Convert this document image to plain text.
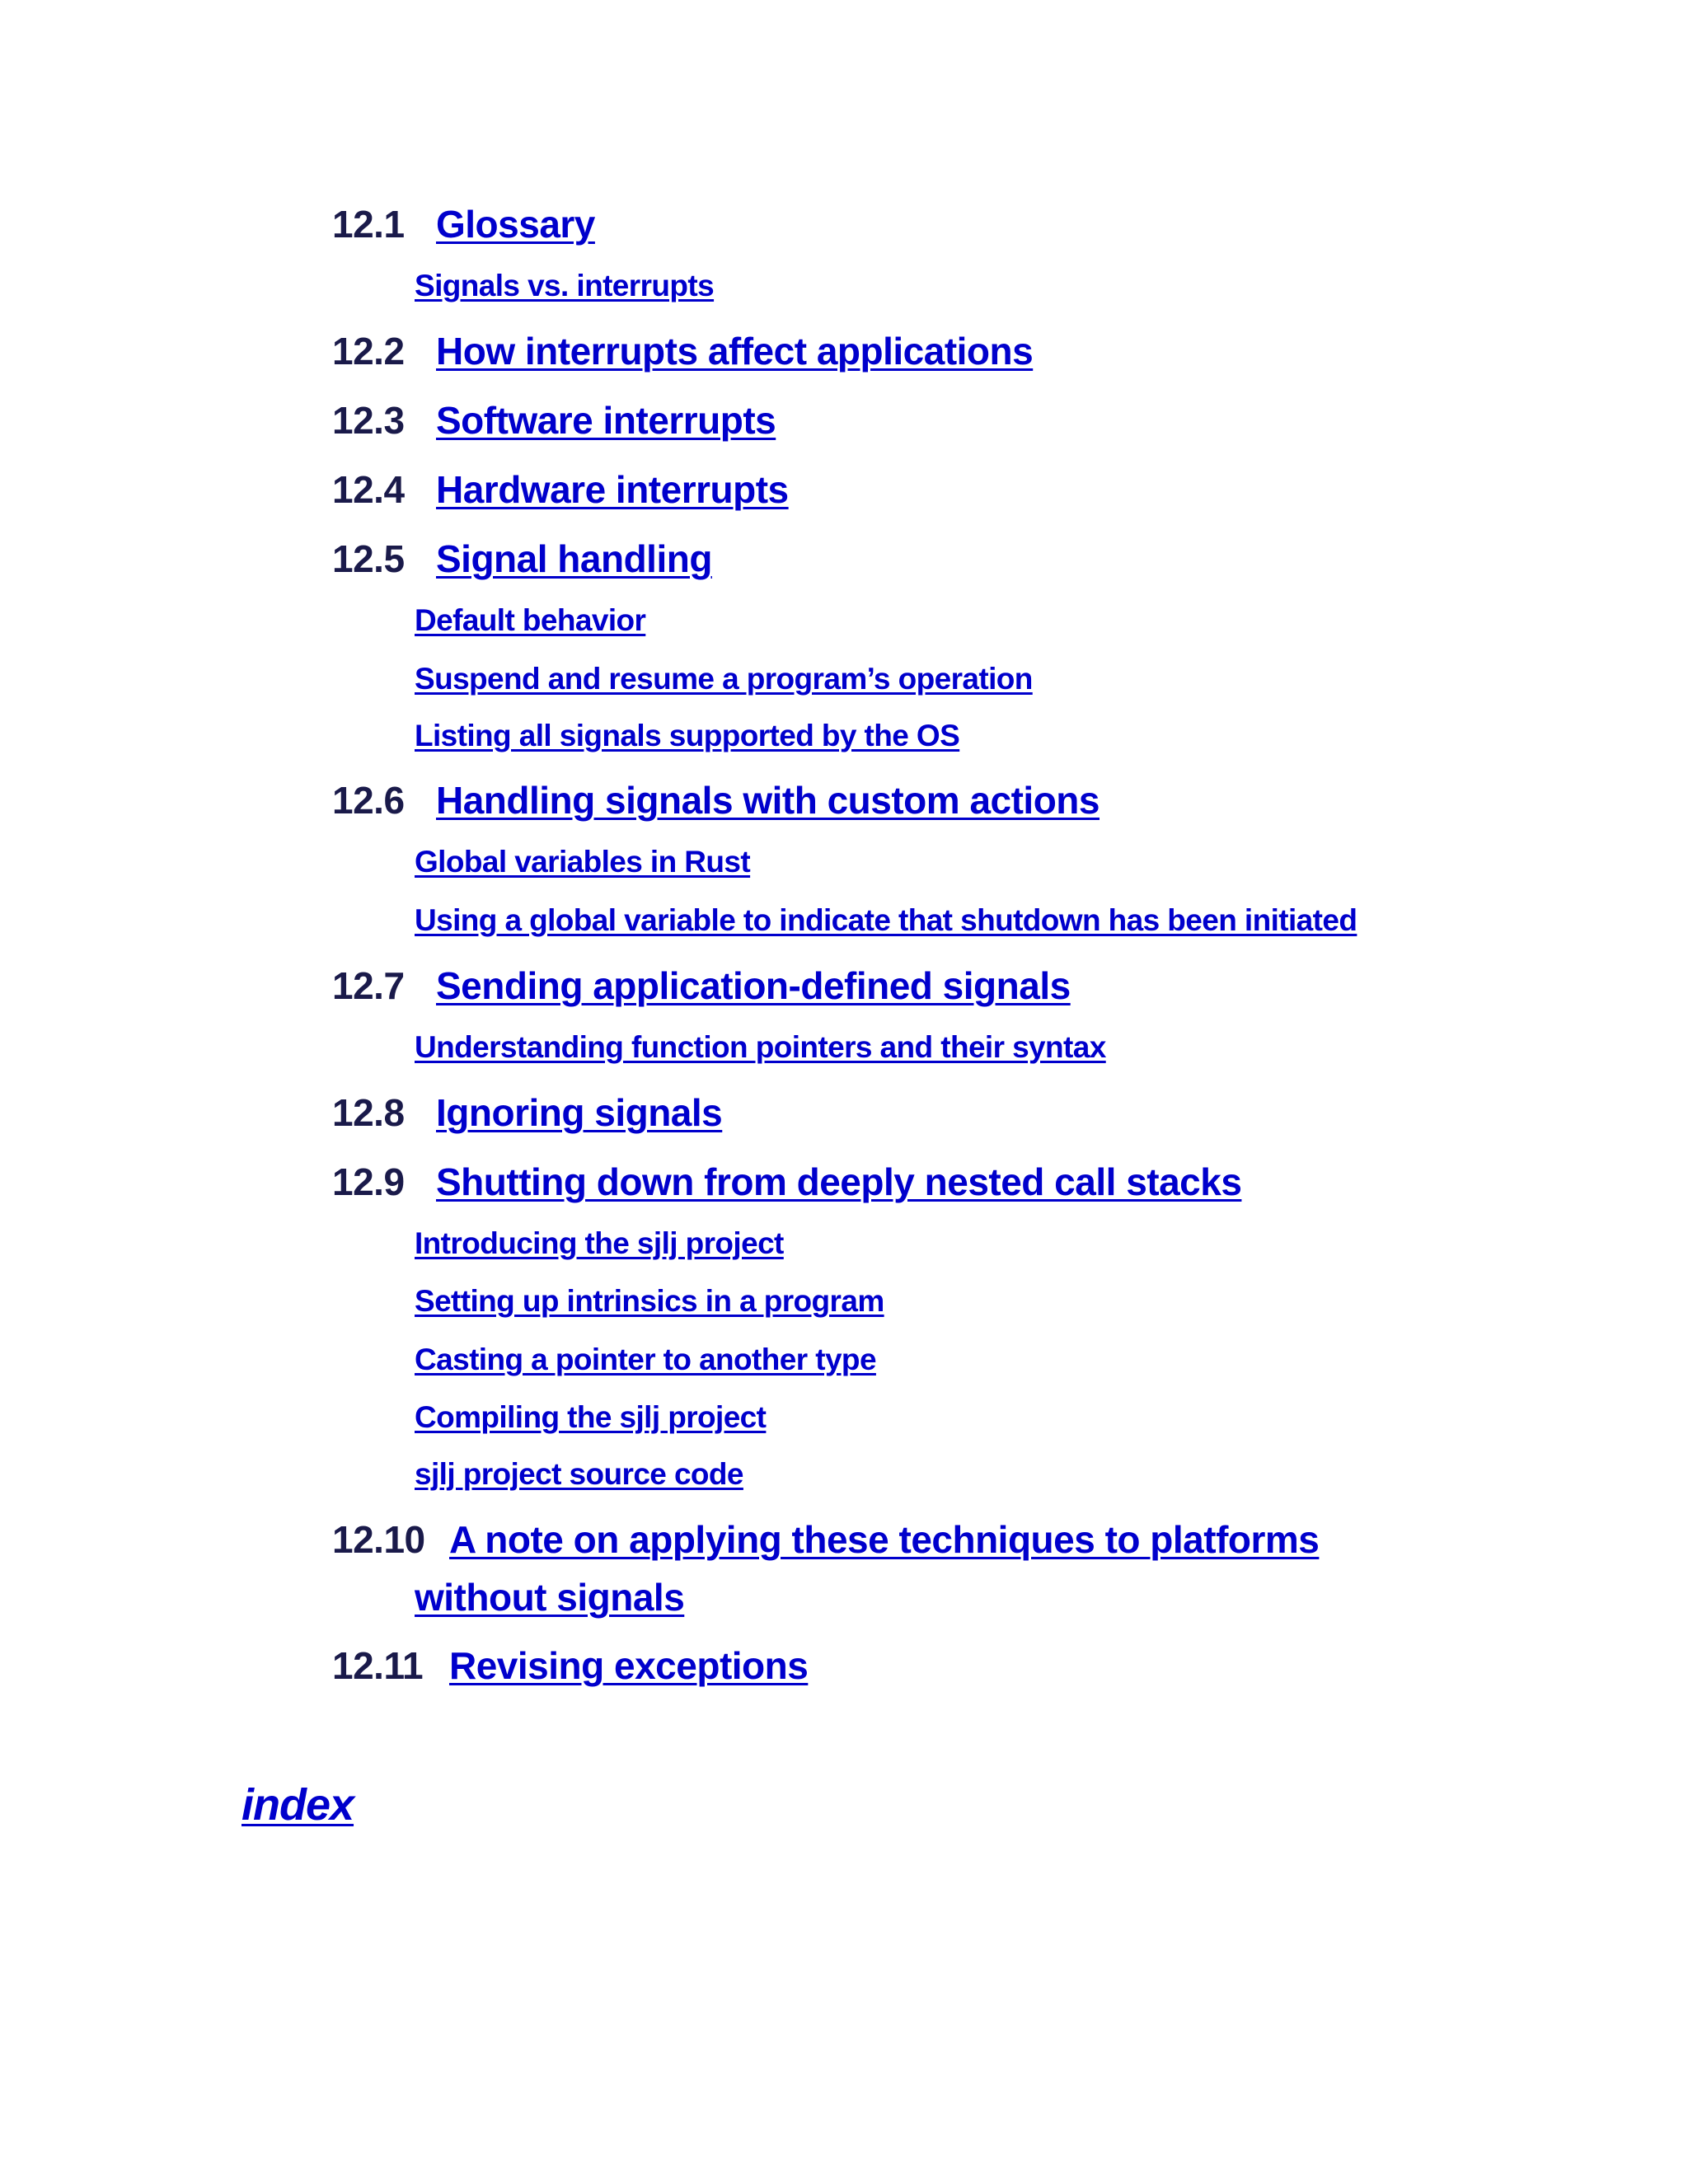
12.1 Glossary
Signals vs. interrupts
12.2 How interrupts affect applications
12.3 Software interrupts
12.4 Hardware interrupts
12.5 Signal handling
Default behavior
Suspend and resume a program’s operation
Listing all signals supported by the OS
12.6 Handling signals with custom actions
Global variables in Rust
Using a global variable to indicate that shutdown has been initiated
12.7 Sending application-defined signals
Understanding function pointers and their syntax
12.8 Ignoring signals
12.9 Shutting down from deeply nested call stacks
Introducing the sjlj project
Setting up intrinsics in a program
Casting a pointer to another type
Compiling the sjlj project
sjlj project source code
12.10 A note on applying these techniques to platforms
without signals
12.11 Revising exceptions
index
